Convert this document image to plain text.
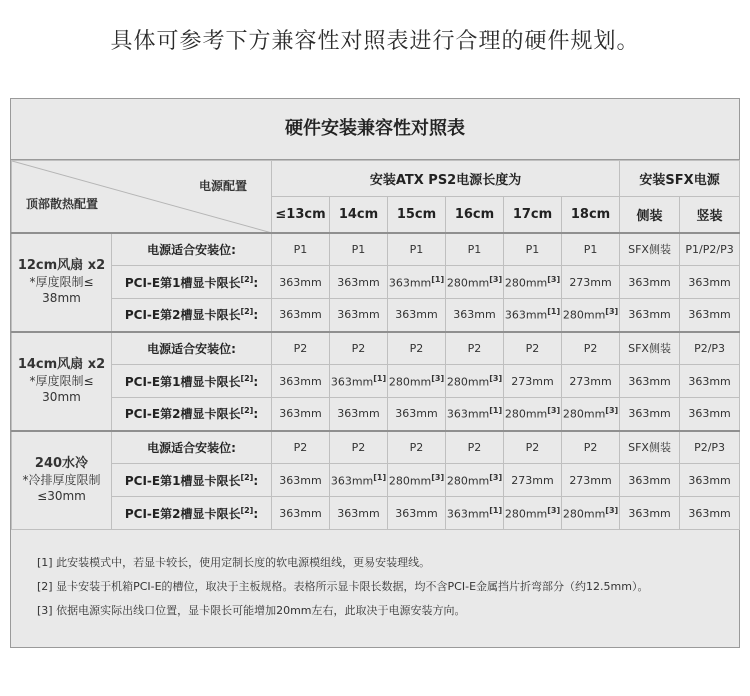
具体可参考下方兼容性对照表进行合理的硬件规划。
硬件安装兼容性对照表
电源配置
顶部散热配置		安装ATX PS2电源长度为						安装SFX电源	
		≤13cm	14cm	15cm	16cm	17cm	18cm	侧装	竖装

12cm风扇 x2
*厚度限制≤
38mm	电源适合安装位:	P1	P1	P1	P1	P1	P1	SFX侧装	P1/P2/P3
	PCI-E第1槽显卡限长[2]:	363mm	363mm	363mm[1]	280mm[3]	280mm[3]	273mm	363mm	363mm
	PCI-E第2槽显卡限长[2]:	363mm	363mm	363mm	363mm	363mm[1]	280mm[3]	363mm	363mm

14cm风扇 x2
*厚度限制≤
30mm	电源适合安装位:	P2	P2	P2	P2	P2	P2	SFX侧装	P2/P3
	PCI-E第1槽显卡限长[2]:	363mm	363mm[1]	280mm[3]	280mm[3]	273mm	273mm	363mm	363mm
	PCI-E第2槽显卡限长[2]:	363mm	363mm	363mm	363mm[1]	280mm[3]	280mm[3]	363mm	363mm

240水冷
*冷排厚度限制
≤30mm	电源适合安装位:	P2	P2	P2	P2	P2	P2	SFX侧装	P2/P3
	PCI-E第1槽显卡限长[2]:	363mm	363mm[1]	280mm[3]	280mm[3]	273mm	273mm	363mm	363mm
	PCI-E第2槽显卡限长[2]:	363mm	363mm	363mm	363mm[1]	280mm[3]	280mm[3]	363mm	363mm
[1] 此安装模式中，若显卡较长，使用定制长度的软电源模组线，更易安装理线。
[2] 显卡安装于机箱PCI-E的槽位，取决于主板规格。表格所示显卡限长数据，均不含PCI-E金属挡片折弯部分（约12.5mm）。
[3] 依据电源实际出线口位置，显卡限长可能增加20mm左右，此取决于电源安装方向。
